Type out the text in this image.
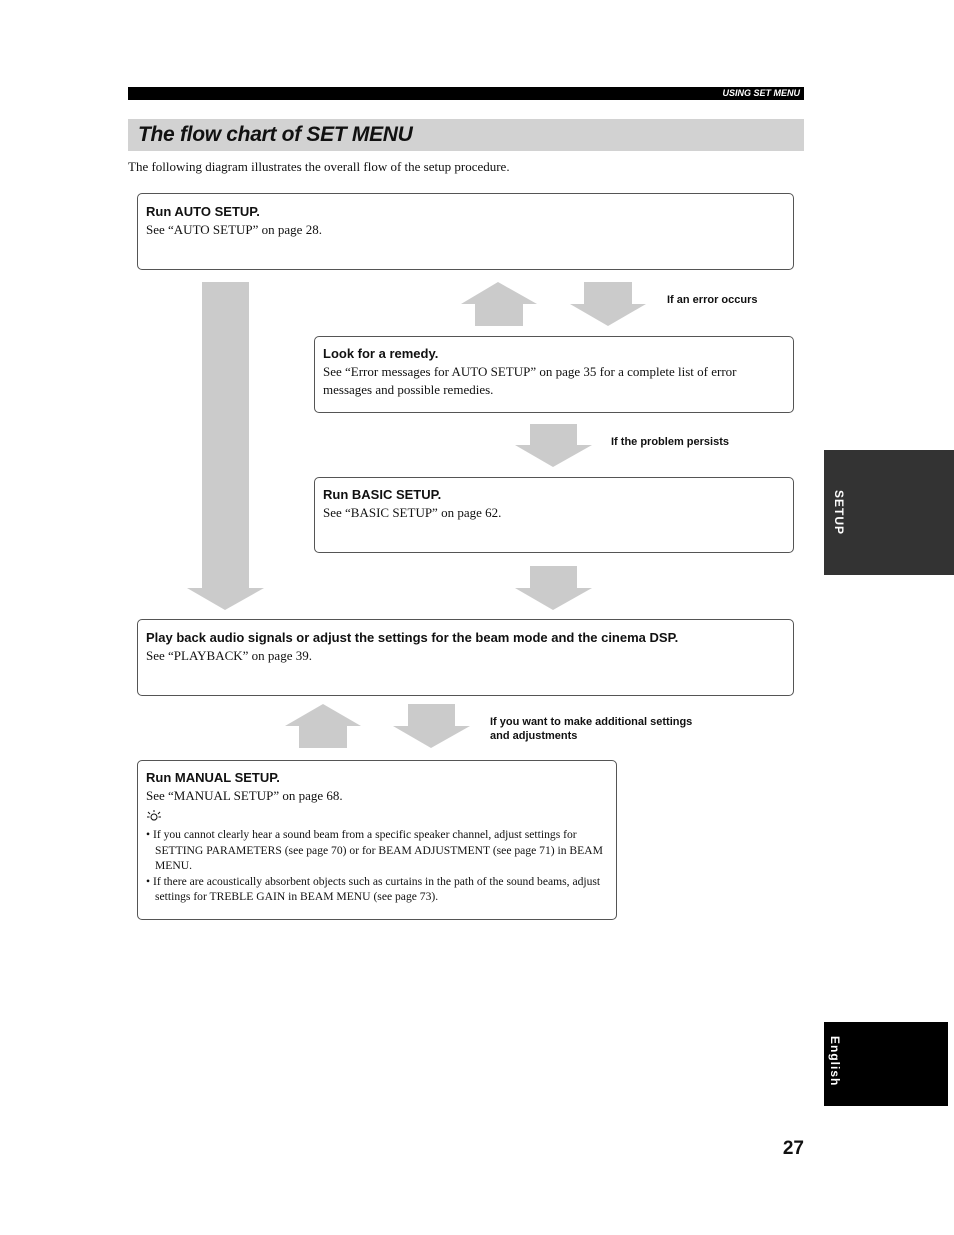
USING SET MENU
The flow chart of SET MENU
The following diagram illustrates the overall flow of the setup procedure.

Run AUTO SETUP.

See “AUTO SETUP” on page 28.

If an error occurs

Look for a remedy.

See “Error messages for AUTO SETUP” on page 35 for a complete list of error messages and possible remedies.

If the problem persists

Run BASIC SETUP.

See “BASIC SETUP” on page 62.

Play back audio signals or adjust the settings for the beam mode and the cinema DSP.

See “PLAYBACK” on page 39.

If you want to make additional settings
and adjustments

Run MANUAL SETUP.

See “MANUAL SETUP” on page 68.

• If you cannot clearly hear a sound beam from a specific speaker channel, adjust settings for SETTING PARAMETERS (see page 70) or for BEAM ADJUSTMENT (see page 71) in BEAM MENU.
• If there are acoustically absorbent objects such as curtains in the path of the sound beams, adjust settings for TREBLE GAIN in BEAM MENU (see page 73).
SETUP
English
27
